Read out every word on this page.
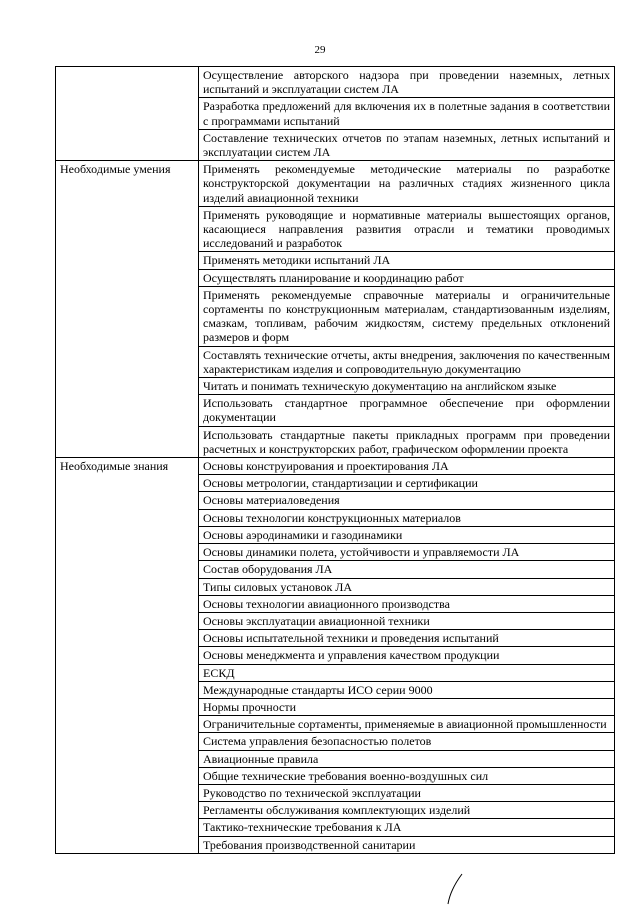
29
	Осуществление авторского надзора при проведении наземных, летных испытаний и эксплуатации систем ЛА
	Разработка предложений для включения их в полетные задания в соответствии с программами испытаний
	Составление технических отчетов по этапам наземных, летных испытаний и эксплуатации систем ЛА
Необходимые умения	Применять рекомендуемые методические материалы по разработке конструкторской документации на различных стадиях жизненного цикла изделий авиационной техники
	Применять руководящие и нормативные материалы вышестоящих органов, касающиеся направления развития отрасли и тематики проводимых исследований и разработок
	Применять методики испытаний ЛА
	Осуществлять планирование и координацию работ
	Применять рекомендуемые справочные материалы и ограничительные сортаменты по конструкционным материалам, стандартизованным изделиям, смазкам, топливам, рабочим жидкостям, систему предельных отклонений размеров и форм
	Составлять технические отчеты, акты внедрения, заключения по качественным характеристикам изделия и сопроводительную документацию
	Читать и понимать техническую документацию на английском языке
	Использовать стандартное программное обеспечение при оформлении документации
	Использовать стандартные пакеты прикладных программ при проведении расчетных и конструкторских работ, графическом оформлении проекта
Необходимые знания	Основы конструирования и проектирования ЛА
	Основы метрологии, стандартизации и сертификации
	Основы материаловедения
	Основы технологии конструкционных материалов
	Основы аэродинамики и газодинамики
	Основы динамики полета, устойчивости и управляемости ЛА
	Состав оборудования ЛА
	Типы силовых установок ЛА
	Основы технологии авиационного производства
	Основы эксплуатации авиационной техники
	Основы испытательной техники и проведения испытаний
	Основы менеджмента и управления качеством продукции
	ЕСКД
	Международные стандарты ИСО серии 9000
	Нормы прочности
	Ограничительные сортаменты, применяемые в авиационной промышленности
	Система управления безопасностью полетов
	Авиационные правила
	Общие технические требования военно-воздушных сил
	Руководство по технической эксплуатации
	Регламенты обслуживания комплектующих изделий
	Тактико-технические требования к ЛА
	Требования производственной санитарии
